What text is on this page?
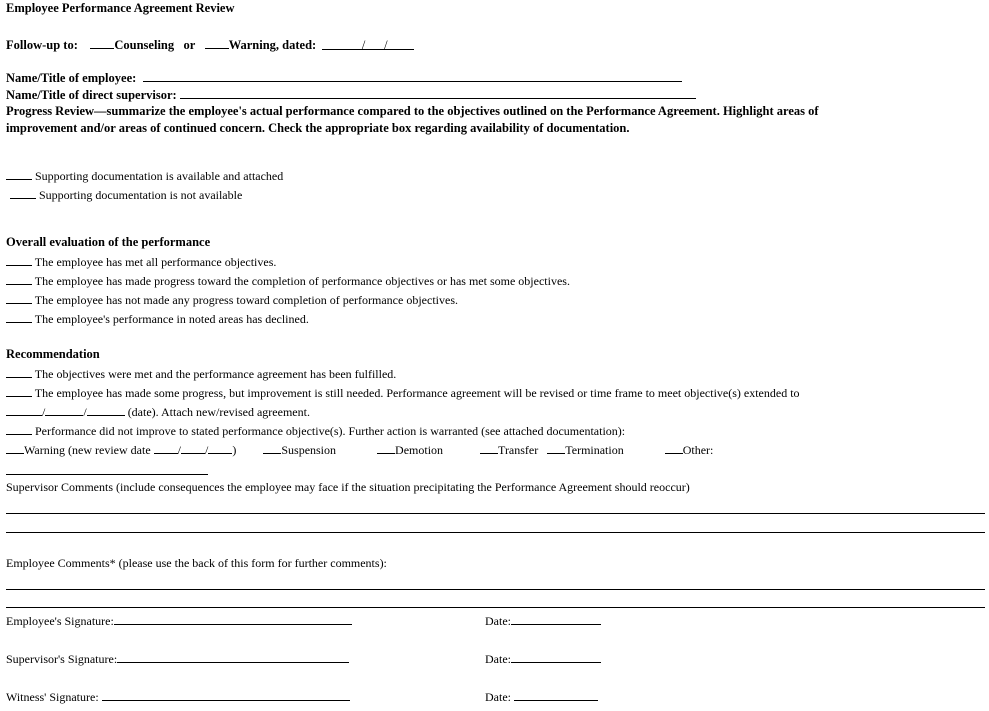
Employee Performance Agreement Review
Follow-up to:	Counseling or	Warning, dated:	/ /
Name/Title of employee:
Name/Title of direct supervisor:
Progress Review—summarize the employee's actual performance compared to the objectives outlined on the Performance Agreement. Highlight areas of
improvement and/or areas of continued concern. Check the appropriate box regarding availability of documentation.
Supporting documentation is available and attached
Supporting documentation is not available
Overall evaluation of the performance
The employee has met all performance objectives.
The employee has made progress toward the completion of performance objectives or has met some objectives.
The employee has not made any progress toward completion of performance objectives.
The employee's performance in noted areas has declined.
Recommendation
The objectives were met and the performance agreement has been fulfilled.
The employee has made some progress, but improvement is still needed. Performance agreement will be revised or time frame to meet objective(s) extended to
/	/	(date). Attach new/revised agreement.
Performance did not improve to stated performance objective(s). Further action is warranted (see attached documentation):
Warning (new review date / / )	Suspension	Demotion	Transfer Termination	Other:
Supervisor Comments (include consequences the employee may face if the situation precipitating the Performance Agreement should reoccur)
Employee Comments* (please use the back of this form for further comments):
Employee's Signature:	Date:
Supervisor's Signature:	Date:
Witness' Signature:	Date:
